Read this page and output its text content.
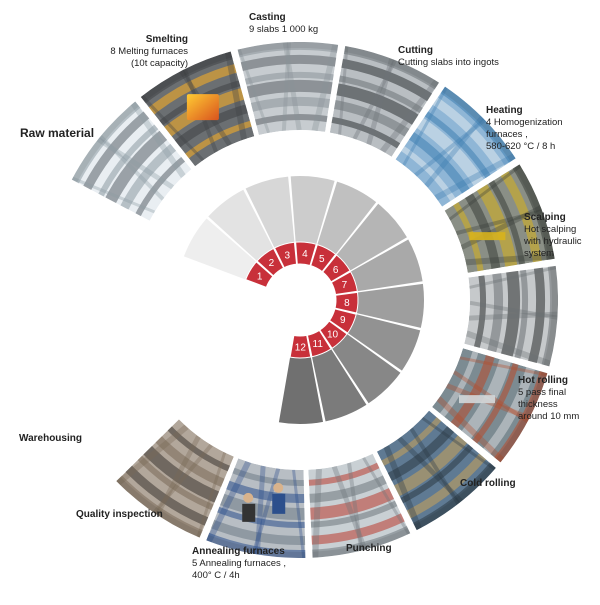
1
2
3 4 5
6
7
8
9
10
11
12
Raw material
Smelting
8 Melting furnaces
(10t capacity)
Casting
9 slabs 1 000 kg
Cutting
Cutting slabs into ingots
Heating
4 Homogenization
furnaces ,
580-620 °C / 8 h
Scalping
Hot scalping
with hydraulic
system
Hot rolling
5 pass final
thickness
around 10 mm
Cold rolling
Punching
Annealing furnaces
5 Annealing furnaces ,
400° C / 4h
Quality inspection
Warehousing
